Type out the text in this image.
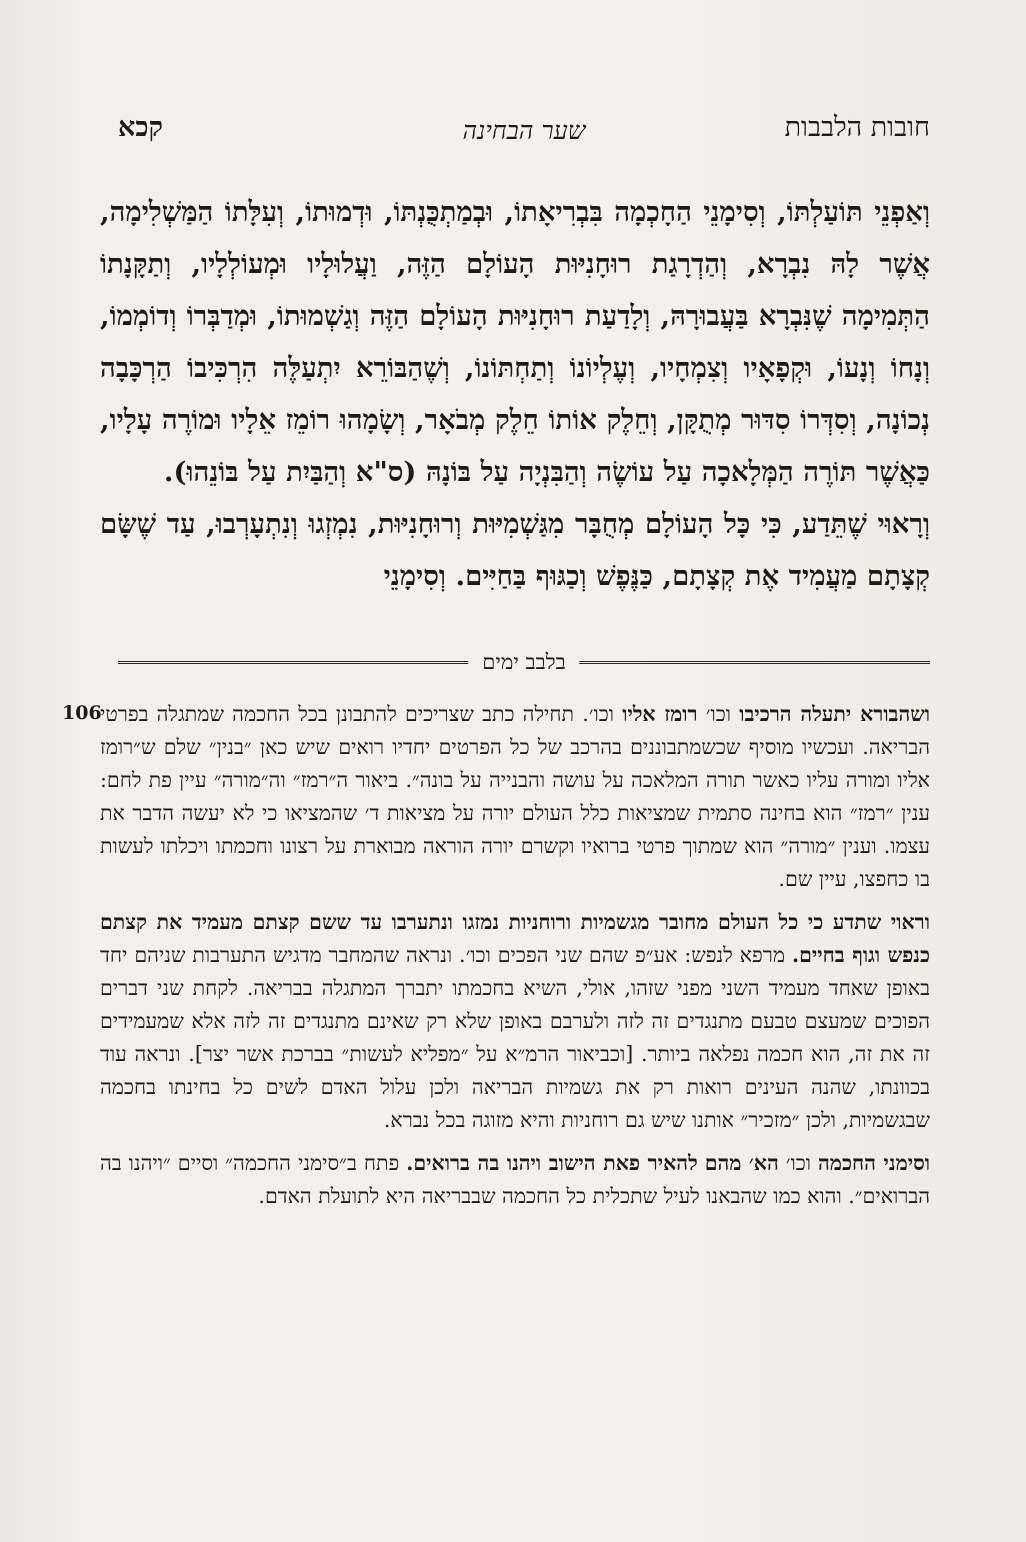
חובות הלבבות
שער הבחינה
קכא

וְאַפְנֵי תּוֹעַלְתּוֹ, וְסִימָנֵי הַחָכְמָה בִּבְרִיאָתוֹ, וּבְמַתְכֻּנְתּוֹ, וּדְמוּתוֹ, וְעִלָּתוֹ הַמַּשְׁלִימָה, אֲשֶׁר לָהּ נִבְרָא, וְהַדְרָגַת רוּחָנִיּוּת הָעוֹלָם הַזֶּה, וַעֲלוּלָיו וּמְעוֹלְלָיו, וְתַקָּנָתוֹ הַתְּמִימָה שֶׁנִּבְרָא בַּעֲבוּרָהּ, וְלָדַעַת רוּחָנִיּוּת הָעוֹלָם הַזֶּה וְגַשְׁמוּתוֹ, וּמְדַבְּרוֹ וְדוֹמְמוֹ, וְנָחוֹ וְנָעוֹ, וּקְפָאָיו וְצִמְחָיו, וְעֶלְיוֹנוֹ וְתַחְתּוֹנוֹ, וְשֶׁהַבּוֹרֵא יִתְעַלֶּה הִרְכִּיבוֹ הַרְכָּבָה נְכוֹנָה, וְסִדְּרוֹ סִדּוּר מְתֻקָּן, וְחֵלֶק אוֹתוֹ חֵלֶק מְבֹאָר, וְשָׂמָהוּ רוֹמֵז אֵלָיו וּמוֹרֶה עָלָיו, כַּאֲשֶׁר תּוֹרֶה הַמְּלָאכָה עַל עוֹשֶׂה וְהַבִּנְיָה עַל בּוֹנָהּ (ס"א וְהַבַּיִת עַל בּוֹנֵהוּ).

וְרָאוּי שֶׁתֵּדַע, כִּי כָּל הָעוֹלָם מְחֻבָּר מִגַּשְׁמִיּוּת וְרוּחָנִיּוּת, נִמְזְגוּ וְנִתְעָרְבוּ, עַד שֶׁשָּׂם קְצָתָם מַעֲמִיד אֶת קְצָתָם, כַּנֶּפֶשׁ וְכַגּוּף בַּחַיִּים. וְסִימָנֵי

בלבב ימים
106	ושהבורא יתעלה הרכיבו וכו׳ רומז אליו וכו׳. תחילה כתב שצריכים להתבונן בכל החכמה שמתגלה בפרטי הבריאה. ועכשיו מוסיף שכשמתבוננים בהרכב של כל הפרטים יחדיו רואים שיש כאן ״בנין״ שלם ש״רומז אליו ומורה עליו כאשר תורה המלאכה על עושה והבנייה על בונה״. ביאור ה״רמז״ וה״מורה״ עיין פת לחם: ענין ״רמז״ הוא בחינה סתמית שמציאות כלל העולם יורה על מציאות ד׳ שהמציאו כי לא יעשה הדבר את עצמו. וענין ״מורה״ הוא שמתוך פרטי ברואיו וקשרם יורה הוראה מבוארת על רצונו וחכמתו ויכלתו לעשות בו כחפצו, עיין שם.

וראוי שתדע כי כל העולם מחובר מגשמיות ורוחניות נמזגו ונתערבו עד ששם קצתם מעמיד את קצתם כנפש וגוף בחיים. מרפא לנפש: אע״פ שהם שני הפכים וכו׳. ונראה שהמחבר מדגיש התערבות שניהם יחד באופן שאחד מעמיד השני מפני שזהו, אולי, השיא בחכמתו יתברך המתגלה בבריאה. לקחת שני דברים הפוכים שמעצם טבעם מתנגדים זה לזה ולערבם באופן שלא רק שאינם מתנגדים זה לזה אלא שמעמידים זה את זה, הוא חכמה נפלאה ביותר. [וכביאור הרמ״א על ״מפליא לעשות״ בברכת אשר יצר]. ונראה עוד בכוונתו, שהנה העינים רואות רק את גשמיות הבריאה ולכן עלול האדם לשים כל בחינתו בחכמה שבגשמיות, ולכן ״מזכיר״ אותנו שיש גם רוחניות והיא מזוגה בכל נברא.

וסימני החכמה וכו׳ הא׳ מהם להאיר פאת הישוב ויהנו בה ברואים. פתח ב״סימני החכמה״ וסיים ״ויהנו בה הברואים״. והוא כמו שהבאנו לעיל שתכלית כל החכמה שבבריאה היא לתועלת האדם.
